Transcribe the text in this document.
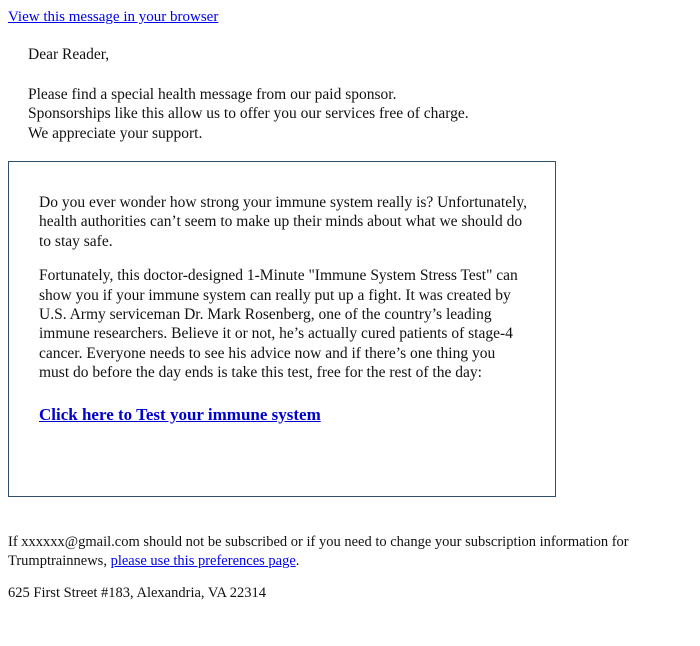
View this message in your browser

Dear Reader,

Please find a special health message from our paid sponsor.

Sponsorships like this allow us to offer you our services free of charge.

We appreciate your support.

Do you ever wonder how strong your immune system really is? Unfortunately, health authorities can’t seem to make up their minds about what we should do to stay safe.

Fortunately, this doctor-designed 1-Minute "Immune System Stress Test" can show you if your immune system can really put up a fight. It was created by U.S. Army serviceman Dr. Mark Rosenberg, one of the country’s leading immune researchers. Believe it or not, he’s actually cured patients of stage-4 cancer. Everyone needs to see his advice now and if there’s one thing you must do before the day ends is take this test, free for the rest of the day:

Click here to Test your immune system

If xxxxxx@gmail.com should not be subscribed or if you need to change your subscription information for Trumptrainnews, please use this preferences page.

625 First Street #183, Alexandria, VA 22314
